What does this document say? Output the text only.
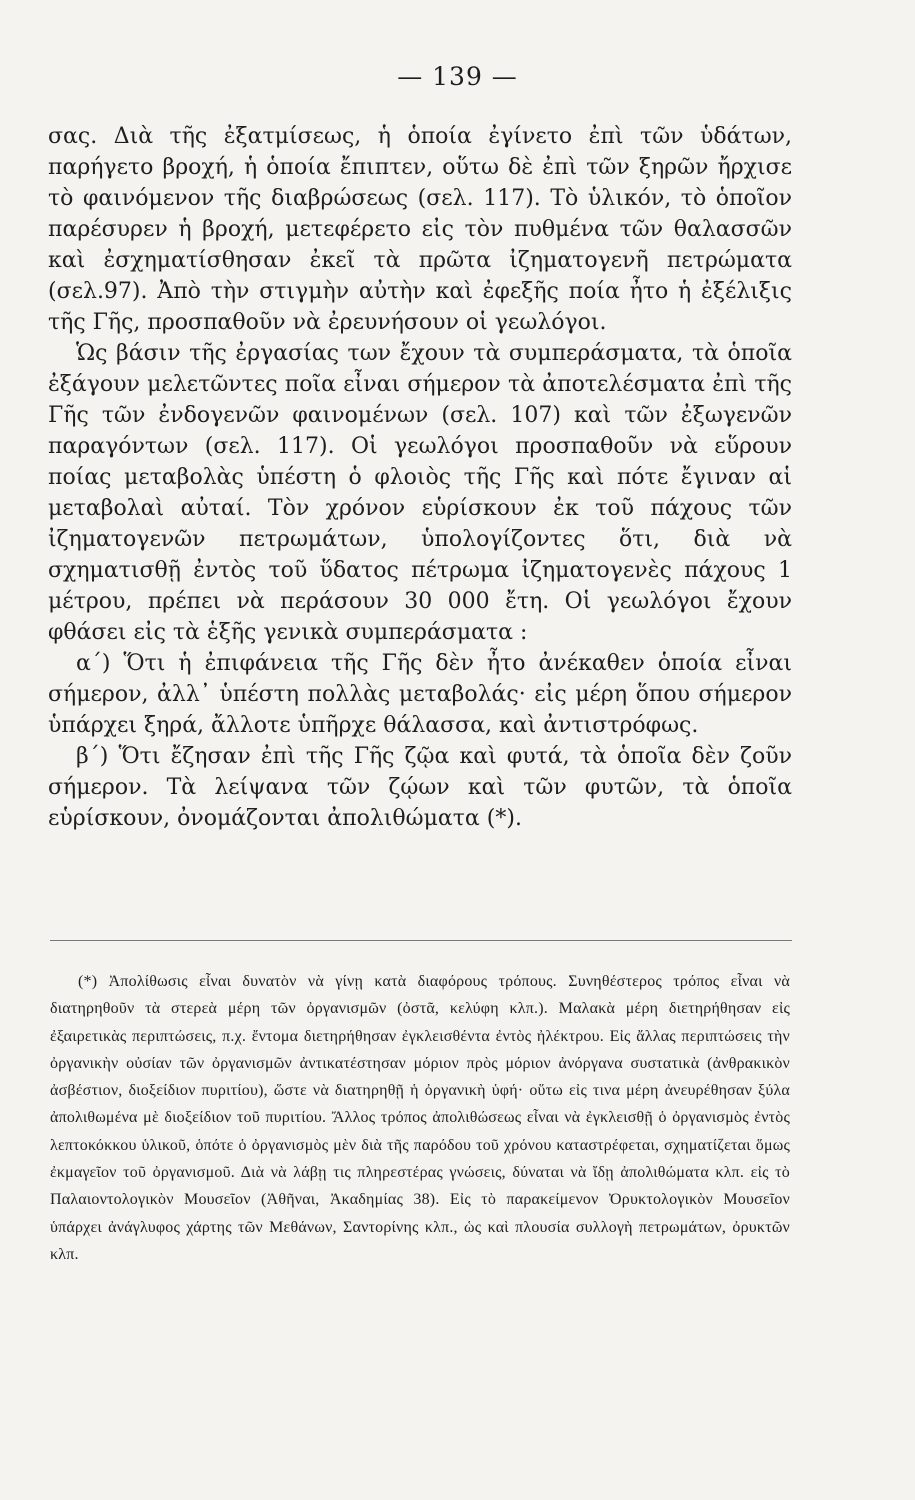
— 139 —

σας. Διὰ τῆς ἐξατμίσεως, ἡ ὁποία ἐγίνετο ἐπὶ τῶν ὑδάτων, παρήγετο βροχή, ἡ ὁποία ἔπιπτεν, οὕτω δὲ ἐπὶ τῶν ξηρῶν ἤρχισε τὸ φαινόμενον τῆς διαβρώσεως (σελ. 117). Τὸ ὑλικόν, τὸ ὁποῖον παρέσυρεν ἡ βροχή, μετεφέρετο εἰς τὸν πυθμένα τῶν θαλασσῶν καὶ ἐσχηματίσθησαν ἐκεῖ τὰ πρῶτα ἰζηματογενῆ πετρώματα (σελ.97). Ἀπὸ τὴν στιγμὴν αὐτὴν καὶ ἐφεξῆς ποία ἦτο ἡ ἐξέλιξις τῆς Γῆς, προσπαθοῦν νὰ ἐρευνήσουν οἱ γεωλόγοι.

Ὡς βάσιν τῆς ἐργασίας των ἔχουν τὰ συμπεράσματα, τὰ ὁποῖα ἐξάγουν μελετῶντες ποῖα εἶναι σήμερον τὰ ἀποτελέσματα ἐπὶ τῆς Γῆς τῶν ἐνδογενῶν φαινομένων (σελ. 107) καὶ τῶν ἐξωγενῶν παραγόντων (σελ. 117). Οἱ γεωλόγοι προσπαθοῦν νὰ εὕρουν ποίας μεταβολὰς ὑπέστη ὁ φλοιὸς τῆς Γῆς καὶ πότε ἔγιναν αἱ μεταβολαὶ αὐταί. Τὸν χρόνον εὑρίσκουν ἐκ τοῦ πάχους τῶν ἰζηματογενῶν πετρωμάτων, ὑπολογίζοντες ὅτι, διὰ νὰ σχηματισθῇ ἐντὸς τοῦ ὕδατος πέτρωμα ἰζηματογενὲς πάχους 1 μέτρου, πρέπει νὰ περάσουν 30 000 ἔτη. Οἱ γεωλόγοι ἔχουν φθάσει εἰς τὰ ἑξῆς γενικὰ συμπεράσματα :

α΄) Ὅτι ἡ ἐπιφάνεια τῆς Γῆς δὲν ἦτο ἀνέκαθεν ὁποία εἶναι σήμερον, ἀλλ᾽ ὑπέστη πολλὰς μεταβολάς· εἰς μέρη ὅπου σήμερον ὑπάρχει ξηρά, ἄλλοτε ὑπῆρχε θάλασσα, καὶ ἀντιστρόφως.

β΄) Ὅτι ἔζησαν ἐπὶ τῆς Γῆς ζῷα καὶ φυτά, τὰ ὁποῖα δὲν ζοῦν σήμερον. Τὰ λείψανα τῶν ζῴων καὶ τῶν φυτῶν, τὰ ὁποῖα εὑρίσκουν, ὀνομάζονται ἀπολιθώματα (*).

(*) Ἀπολίθωσις εἶναι δυνατὸν νὰ γίνῃ κατὰ διαφόρους τρόπους. Συνηθέστερος τρόπος εἶναι νὰ διατηρηθοῦν τὰ στερεὰ μέρη τῶν ὀργανισμῶν (ὀστᾶ, κελύφη κλπ.). Μαλακὰ μέρη διετηρήθησαν εἰς ἐξαιρετικὰς περιπτώσεις, π.χ. ἔντομα διετηρήθησαν ἐγκλεισθέντα ἐντὸς ἠλέκτρου. Εἰς ἄλλας περιπτώσεις τὴν ὀργανικὴν οὐσίαν τῶν ὀργανισμῶν ἀντικατέστησαν μόριον πρὸς μόριον ἀνόργανα συστατικὰ (ἀνθρακικὸν ἀσβέστιον, διοξείδιον πυριτίου), ὥστε νὰ διατηρηθῇ ἡ ὀργανικὴ ὑφή· οὕτω εἰς τινα μέρη ἀνευρέθησαν ξύλα ἀπολιθωμένα μὲ διοξείδιον τοῦ πυριτίου. Ἄλλος τρόπος ἀπολιθώσεως εἶναι νὰ ἐγκλεισθῇ ὁ ὀργανισμὸς ἐντὸς λεπτοκόκκου ὑλικοῦ, ὁπότε ὁ ὀργανισμὸς μὲν διὰ τῆς παρόδου τοῦ χρόνου καταστρέφεται, σχηματίζεται ὅμως ἐκμαγεῖον τοῦ ὀργανισμοῦ. Διὰ νὰ λάβῃ τις πληρεστέρας γνώσεις, δύναται νὰ ἴδῃ ἀπολιθώματα κλπ. εἰς τὸ Παλαιοντολογικὸν Μουσεῖον (Ἀθῆναι, Ἀκαδημίας 38). Εἰς τὸ παρακείμενον Ὀρυκτολογικὸν Μουσεῖον ὑπάρχει ἀνάγλυφος χάρτης τῶν Μεθάνων, Σαντορίνης κλπ., ὡς καὶ πλουσία συλλογὴ πετρωμάτων, ὀρυκτῶν κλπ.
